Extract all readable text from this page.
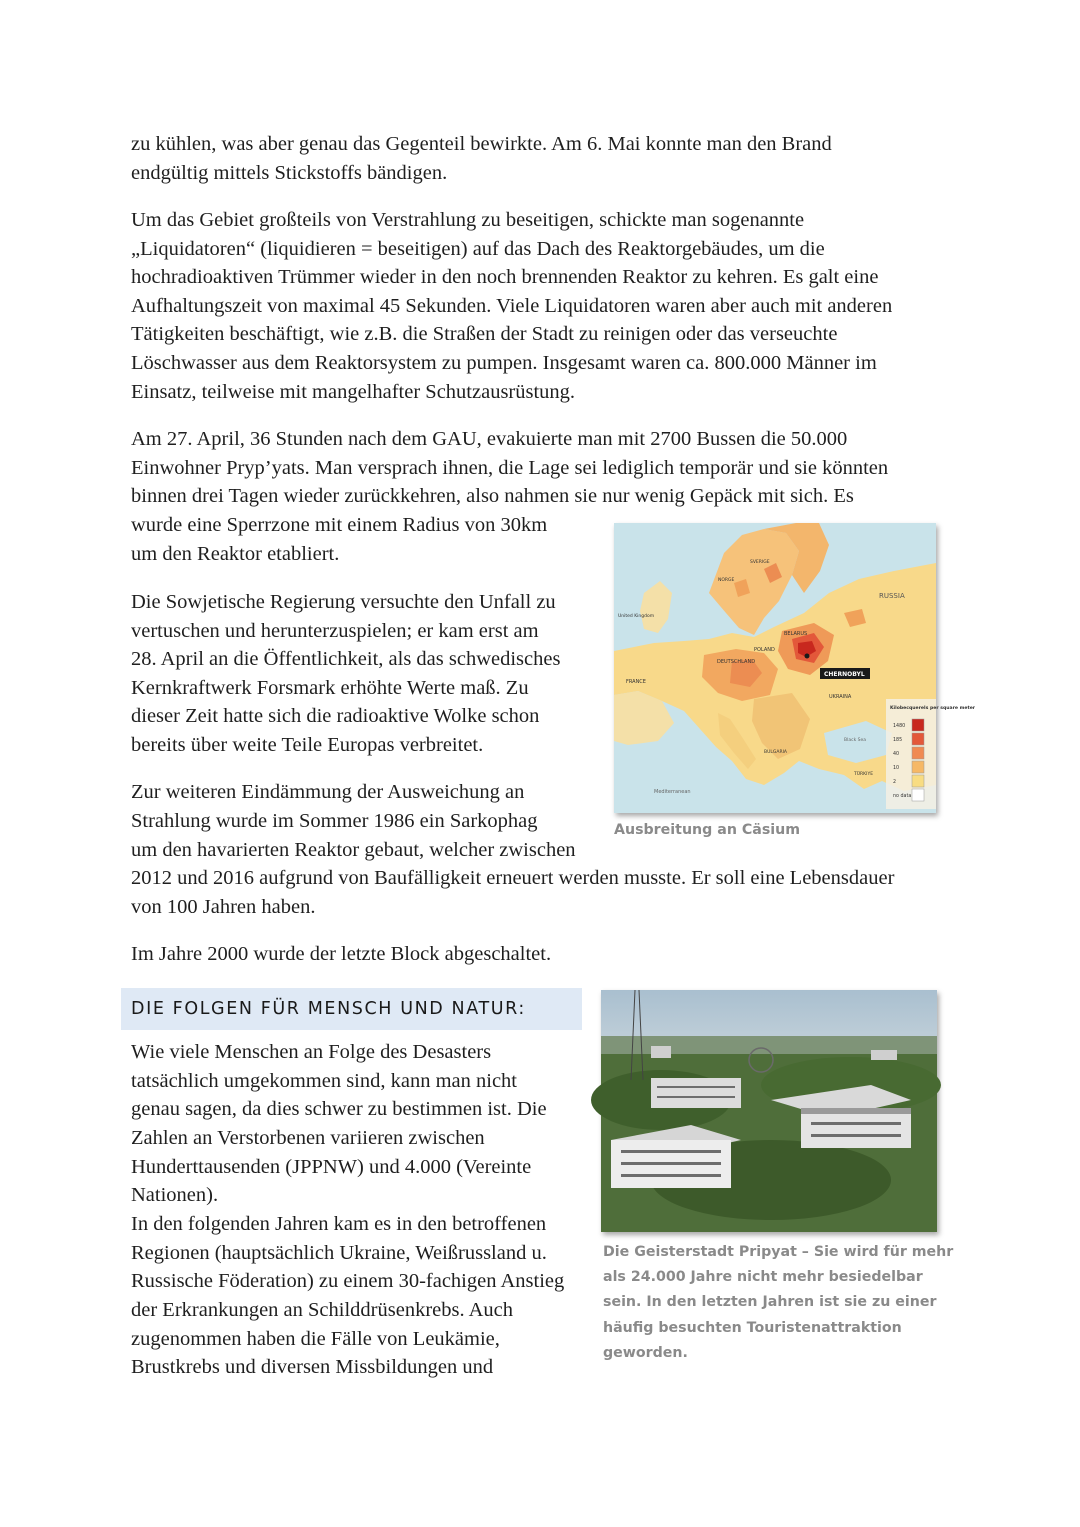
zu kühlen, was aber genau das Gegenteil bewirkte. Am 6. Mai konnte man den Brand
endgültig mittels Stickstoffs bändigen.
Um das Gebiet großteils von Verstrahlung zu beseitigen, schickte man sogenannte
„Liquidatoren“ (liquidieren = beseitigen) auf das Dach des Reaktorgebäudes, um die
hochradioaktiven Trümmer wieder in den noch brennenden Reaktor zu kehren. Es galt eine
Aufhaltungszeit von maximal 45 Sekunden. Viele Liquidatoren waren aber auch mit anderen
Tätigkeiten beschäftigt, wie z.B. die Straßen der Stadt zu reinigen oder das verseuchte
Löschwasser aus dem Reaktorsystem zu pumpen. Insgesamt waren ca. 800.000 Männer im
Einsatz, teilweise mit mangelhafter Schutzausrüstung.
Am 27. April, 36 Stunden nach dem GAU, evakuierte man mit 2700 Bussen die 50.000
Einwohner Pryp’yats. Man versprach ihnen, die Lage sei lediglich temporär und sie könnten
binnen drei Tagen wieder zurückkehren, also nahmen sie nur wenig Gepäck mit sich. Es
wurde eine Sperrzone mit einem Radius von 30km
um den Reaktor etabliert.
Die Sowjetische Regierung versuchte den Unfall zu
vertuschen und herunterzuspielen; er kam erst am
28. April an die Öffentlichkeit, als das schwedisches
Kernkraftwerk Forsmark erhöhte Werte maß. Zu
dieser Zeit hatte sich die radioaktive Wolke schon
bereits über weite Teile Europas verbreitet.
Zur weiteren Eindämmung der Ausweichung an
Strahlung wurde im Sommer 1986 ein Sarkophag
um den havarierten Reaktor gebaut, welcher zwischen
2012 und 2016 aufgrund von Baufälligkeit erneuert werden musste. Er soll eine Lebensdauer
von 100 Jahren haben.
Im Jahre 2000 wurde der letzte Block abgeschaltet.
DIE FOLGEN FÜR MENSCH UND NATUR:
Wie viele Menschen an Folge des Desasters
tatsächlich umgekommen sind, kann man nicht
genau sagen, da dies schwer zu bestimmen ist. Die
Zahlen an Verstorbenen variieren zwischen
Hunderttausenden (JPPNW) und 4.000 (Vereinte
Nationen).
In den folgenden Jahren kam es in den betroffenen
Regionen (hauptsächlich Ukraine, Weißrussland u.
Russische Föderation) zu einem 30-fachigen Anstieg
der Erkrankungen an Schilddrüsenkrebs. Auch
zugenommen haben die Fälle von Leukämie,
Brustkrebs und diversen Missbildungen und
RUSSIA
DEUTSCHLAND
POLAND
BELARUS
UKRAINA
FRANCE
BULGARIA
TÜRKIYE
Black Sea
Mediterranean
United Kingdom
SVERIGE
NORGE
CHERNOBYL
Kilobecquerels per square meter
1480
185
40
10
2
no data
Ausbreitung an Cäsium
Die Geisterstadt Pripyat – Sie wird für mehr
als 24.000 Jahre nicht mehr besiedelbar
sein. In den letzten Jahren ist sie zu einer
häufig besuchten Touristenattraktion
geworden.
